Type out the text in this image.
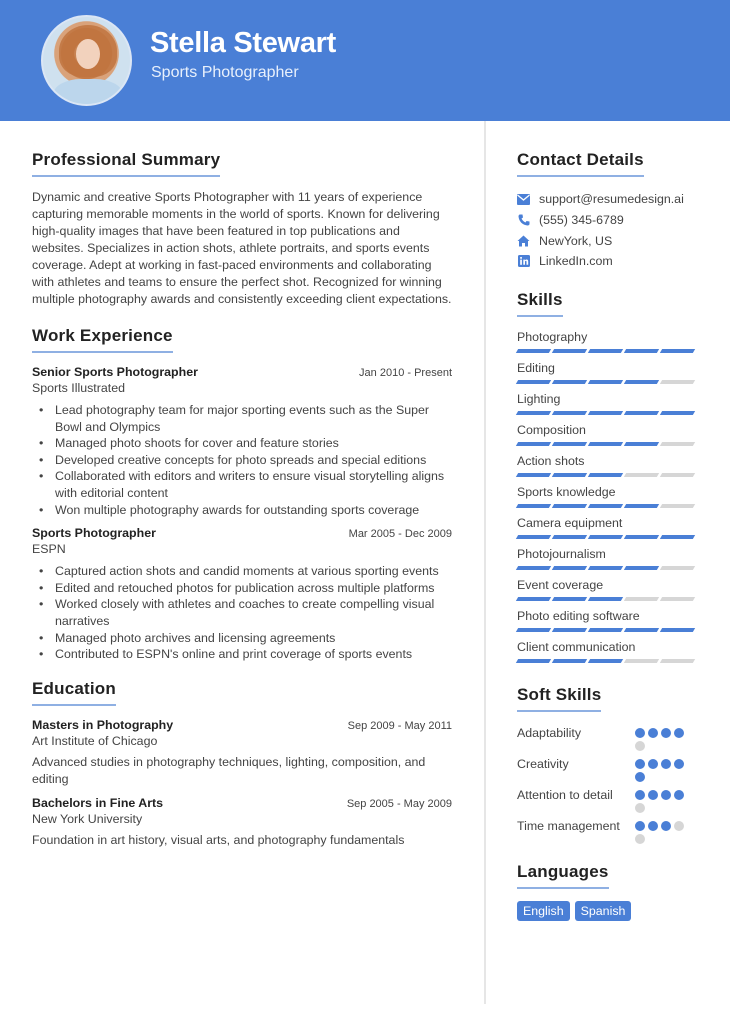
Stella Stewart
Sports Photographer
Professional Summary

Dynamic and creative Sports Photographer with 11 years of experience capturing memorable moments in the world of sports. Known for delivering high-quality images that have been featured in top publications and websites. Specializes in action shots, athlete portraits, and sports events coverage. Adept at working in fast-paced environments and collaborating with athletes and teams to ensure the perfect shot. Recognized for winning multiple photography awards and consistently exceeding client expectations.

Work Experience
Senior Sports Photographer	Jan 2010 - Present
Sports Illustrated
• Lead photography team for major sporting events such as the Super Bowl and Olympics
• Managed photo shoots for cover and feature stories
• Developed creative concepts for photo spreads and special editions
• Collaborated with editors and writers to ensure visual storytelling aligns with editorial content
• Won multiple photography awards for outstanding sports coverage
Sports Photographer	Mar 2005 - Dec 2009
ESPN
• Captured action shots and candid moments at various sporting events
• Edited and retouched photos for publication across multiple platforms
• Worked closely with athletes and coaches to create compelling visual narratives
• Managed photo archives and licensing agreements
• Contributed to ESPN's online and print coverage of sports events
Education
Masters in Photography	Sep 2009 - May 2011
Art Institute of Chicago
Advanced studies in photography techniques, lighting, composition, and editing
Bachelors in Fine Arts	Sep 2005 - May 2009
New York University
Foundation in art history, visual arts, and photography fundamentals
Contact Details
support@resumedesign.ai
(555) 345-6789
NewYork, US
LinkedIn.com
Skills
Photography
Editing
Lighting
Composition
Action shots
Sports knowledge
Camera equipment
Photojournalism
Event coverage
Photo editing software
Client communication
Soft Skills
Adaptability
Creativity
Attention to detail
Time management
Languages
English	Spanish
